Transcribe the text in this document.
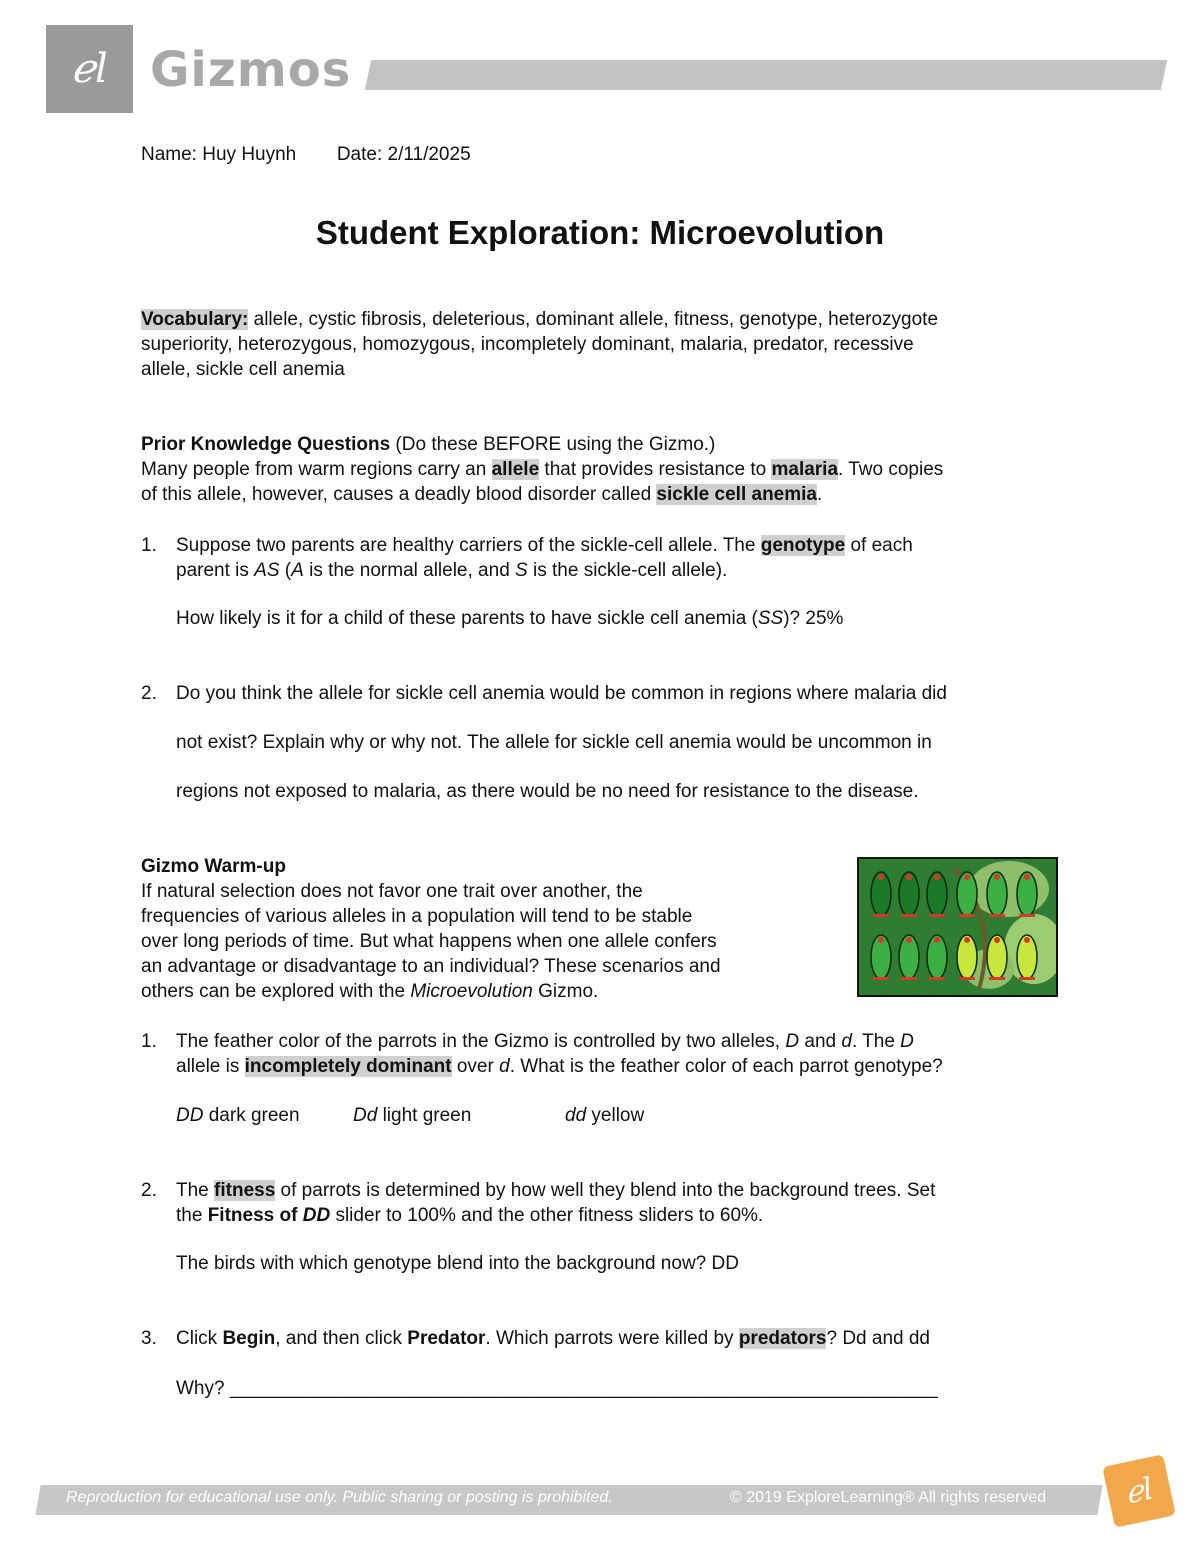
ℯl Gizmos
Name: Huy Huynh Date: 2/11/2025
Student Exploration: Microevolution
Vocabulary: allele, cystic fibrosis, deleterious, dominant allele, fitness, genotype, heterozygote
superiority, heterozygous, homozygous, incompletely dominant, malaria, predator, recessive
allele, sickle cell anemia
Prior Knowledge Questions (Do these BEFORE using the Gizmo.)
Many people from warm regions carry an allele that provides resistance to malaria. Two copies
of this allele, however, causes a deadly blood disorder called sickle cell anemia.
1.	Suppose two parents are healthy carriers of the sickle-cell allele. The genotype of each
parent is AS (A is the normal allele, and S is the sickle-cell allele).
How likely is it for a child of these parents to have sickle cell anemia (SS)? 25%
2.	Do you think the allele for sickle cell anemia would be common in regions where malaria did
not exist? Explain why or why not. The allele for sickle cell anemia would be uncommon in
regions not exposed to malaria, as there would be no need for resistance to the disease.
Gizmo Warm-up
If natural selection does not favor one trait over another, the
frequencies of various alleles in a population will tend to be stable
over long periods of time. But what happens when one allele confers
an advantage or disadvantage to an individual? These scenarios and
others can be explored with the Microevolution Gizmo.
1.	The feather color of the parrots in the Gizmo is controlled by two alleles, D and d. The D
allele is incompletely dominant over d. What is the feather color of each parrot genotype?
DD dark green	Dd light green	dd yellow
2.	The fitness of parrots is determined by how well they blend into the background trees. Set
the Fitness of DD slider to 100% and the other fitness sliders to 60%.
The birds with which genotype blend into the background now? DD
3.	Click Begin, and then click Predator. Which parrots were killed by predators? Dd and dd
Why? ___________________________________________________________________
Reproduction for educational use only. Public sharing or posting is prohibited.	© 2019 ExploreLearning® All rights reserved	ℯl
